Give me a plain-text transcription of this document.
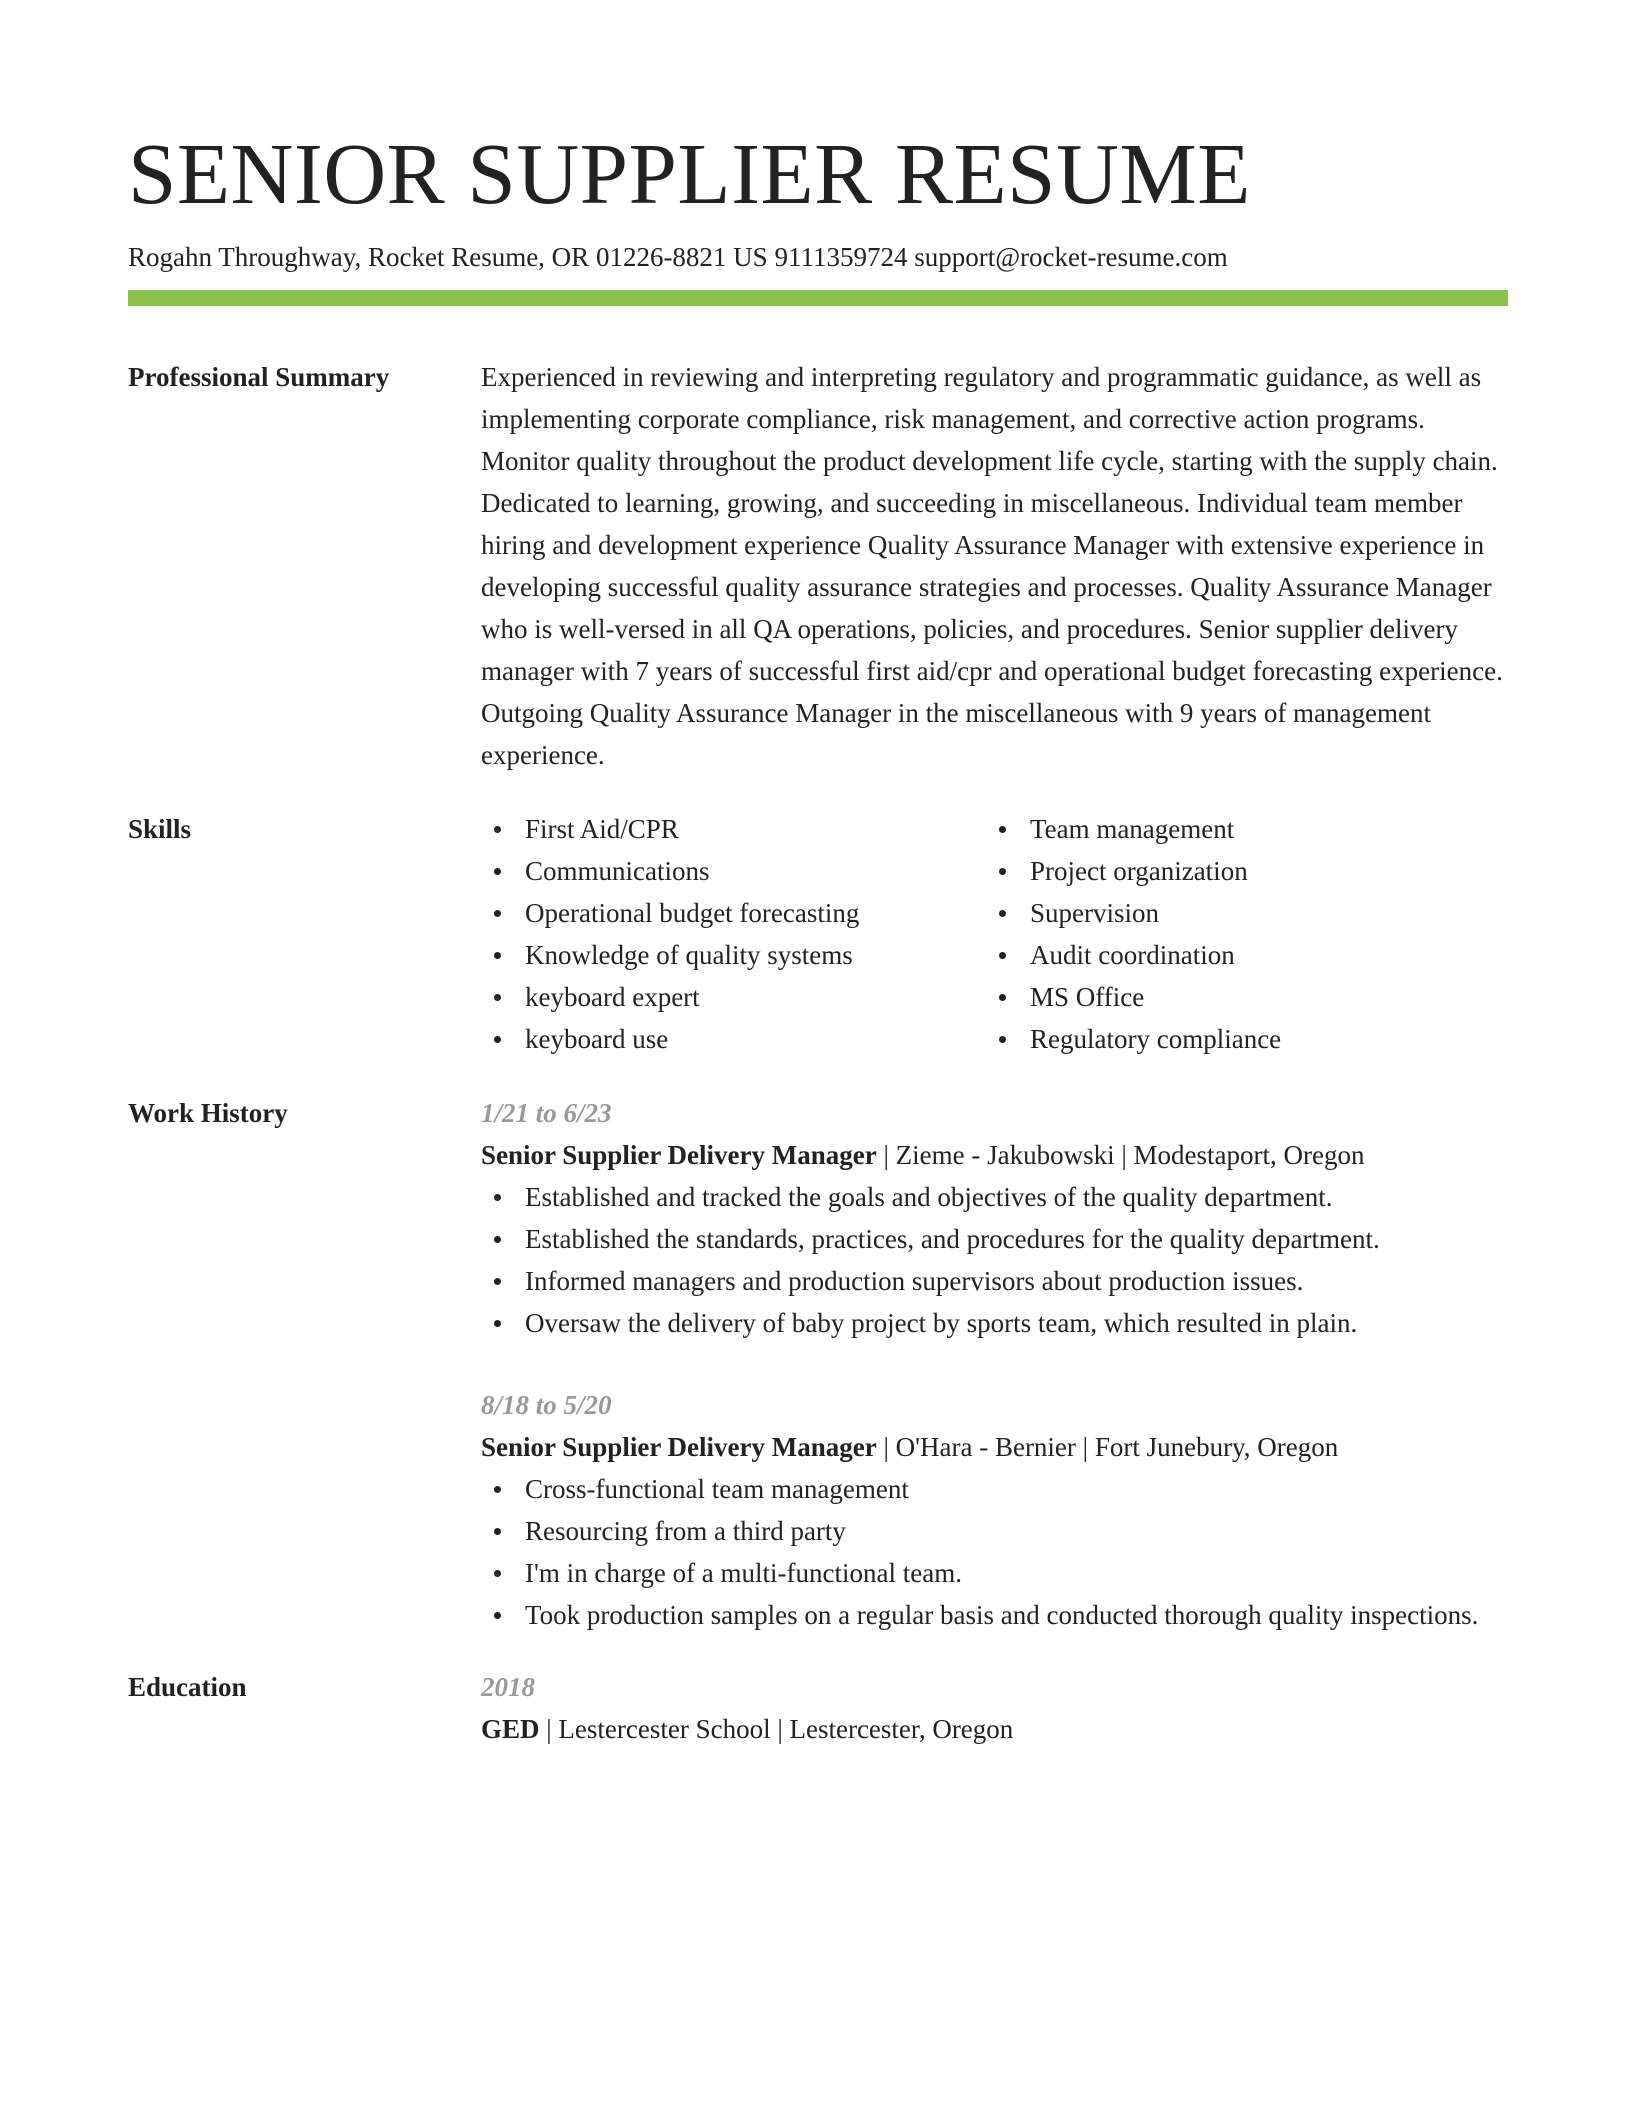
SENIOR SUPPLIER RESUME
Rogahn Throughway, Rocket Resume, OR 01226-8821 US 9111359724 support@rocket-resume.com
Professional Summary	Experienced in reviewing and interpreting regulatory and programmatic guidance, as well as implementing corporate compliance, risk management, and corrective action programs. Monitor quality throughout the product development life cycle, starting with the supply chain. Dedicated to learning, growing, and succeeding in miscellaneous. Individual team member hiring and development experience Quality Assurance Manager with extensive experience in developing successful quality assurance strategies and processes. Quality Assurance Manager who is well-versed in all QA operations, policies, and procedures. Senior supplier delivery manager with 7 years of successful first aid/cpr and operational budget forecasting experience. Outgoing Quality Assurance Manager in the miscellaneous with 9 years of management experience.
Skills	First Aid/CPR
Communications
Operational budget forecasting
Knowledge of quality systems
keyboard expert
keyboard use
Team management
Project organization
Supervision
Audit coordination
MS Office
Regulatory compliance
Work History	1/21 to 6/23
Senior Supplier Delivery Manager | Zieme - Jakubowski | Modestaport, Oregon
Established and tracked the goals and objectives of the quality department.
Established the standards, practices, and procedures for the quality department.
Informed managers and production supervisors about production issues.
Oversaw the delivery of baby project by sports team, which resulted in plain.
8/18 to 5/20
Senior Supplier Delivery Manager | O'Hara - Bernier | Fort Junebury, Oregon
Cross-functional team management
Resourcing from a third party
I'm in charge of a multi-functional team.
Took production samples on a regular basis and conducted thorough quality inspections.
Education	2018
GED | Lestercester School | Lestercester, Oregon
